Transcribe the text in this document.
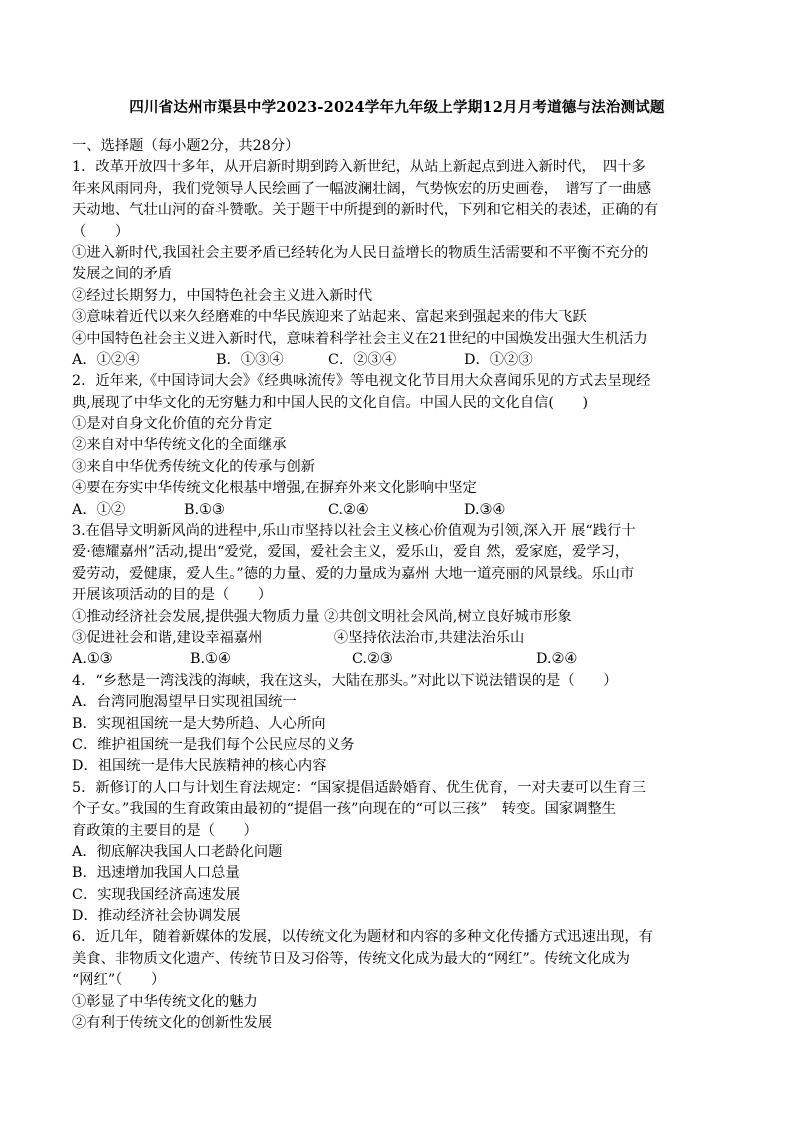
四川省达州市渠县中学2023-2024学年九年级上学期12月月考道德与法治测试题
一、选择题（每小题2分，共28分）
1．改革开放四十多年，从开启新时期到跨入新世纪，从站上新起点到进入新时代，　四十多
年来风雨同舟，我们党领导人民绘画了一幅波澜壮阔，气势恢宏的历史画卷，　谱写了一曲感
天动地、气壮山河的奋斗赞歌。关于题干中所提到的新时代，下列和它相关的表述，正确的有
（　　）
①进入新时代,我国社会主要矛盾已经转化为人民日益增长的物质生活需要和不平衡不充分的
发展之间的矛盾
②经过长期努力，中国特色社会主义进入新时代
③意味着近代以来久经磨难的中华民族迎来了站起来、富起来到强起来的伟大飞跃
④中国特色社会主义进入新时代，意味着科学社会主义在21世纪的中国焕发出强大生机活力
A．①②④	B．①③④	C．②③④	D．①②③
2．近年来,《中国诗词大会》《经典咏流传》等电视文化节目用大众喜闻乐见的方式去呈现经
典,展现了中华文化的无穷魅力和中国人民的文化自信。中国人民的文化自信(　　)
①是对自身文化价值的充分肯定
②来自对中华传统文化的全面继承
③来自中华优秀传统文化的传承与创新
④要在夯实中华传统文化根基中增强,在摒弃外来文化影响中坚定
A．①②	B.①③	C.②④	D.③④
3.在倡导文明新风尚的进程中,乐山市坚持以社会主义核心价值观为引领,深入开 展“践行十
爱·德耀嘉州”活动,提出“爱党，爱国，爱社会主义，爱乐山，爱自 然，爱家庭，爱学习，
爱劳动，爱健康，爱人生。”德的力量、爱的力量成为嘉州 大地一道亮丽的风景线。乐山市
开展该项活动的目的是（　　）
①推动经济社会发展,提供强大物质力量 ②共创文明社会风尚,树立良好城市形象
③促进社会和谐,建设幸福嘉州　　　　　④坚持依法治市,共建法治乐山
A.①③	B.①④	C.②③	D.②④
4．“乡愁是一湾浅浅的海峡，我在这头，大陆在那头。”对此以下说法错误的是（　　）
A．台湾同胞渴望早日实现祖国统一
B．实现祖国统一是大势所趋、人心所向
C．维护祖国统一是我们每个公民应尽的义务
D．祖国统一是伟大民族精神的核心内容
5．新修订的人口与计划生育法规定：“国家提倡适龄婚育、优生优育，一对夫妻可以生育三
个子女。”我国的生育政策由最初的“提倡一孩”向现在的“可以三孩”　转变。国家调整生
育政策的主要目的是（　　）
A．彻底解决我国人口老龄化问题
B．迅速增加我国人口总量
C．实现我国经济高速发展
D．推动经济社会协调发展
6．近几年，随着新媒体的发展，以传统文化为题材和内容的多种文化传播方式迅速出现，有
美食、非物质文化遗产、传统节日及习俗等，传统文化成为最大的“网红”。传统文化成为
“网红”（　　）
①彰显了中华传统文化的魅力
②有利于传统文化的创新性发展
